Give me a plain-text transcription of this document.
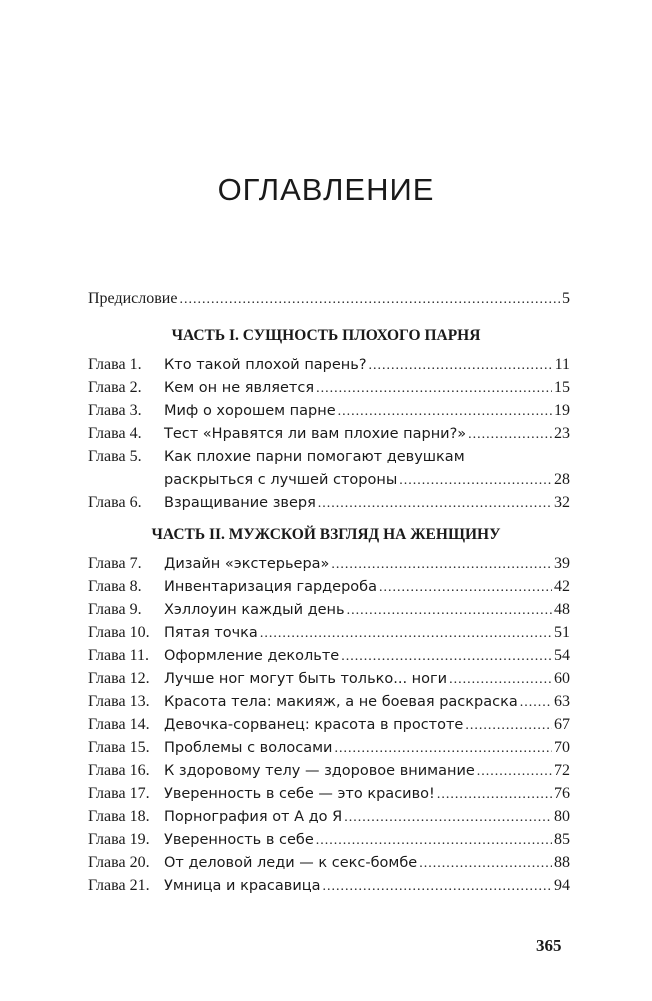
ОГЛАВЛЕНИЕ
Предисловие .....	5
ЧАСТЬ I. СУЩНОСТЬ ПЛОХОГО ПАРНЯ
Глава 1.	Кто такой плохой парень? .....	11
Глава 2.	Кем он не является .....	15
Глава 3.	Миф о хорошем парне .....	19
Глава 4.	Тест «Нравятся ли вам плохие парни?» .....	23
Глава 5.	Как плохие парни помогают девушкам
раскрыться с лучшей стороны .....	28
Глава 6.	Взращивание зверя .....	32
ЧАСТЬ II. МУЖСКОЙ ВЗГЛЯД НА ЖЕНЩИНУ
Глава 7.	Дизайн «экстерьера» .....	39
Глава 8.	Инвентаризация гардероба .....	42
Глава 9.	Хэллоуин каждый день .....	48
Глава 10. Пятая точка .....	51
Глава 11.	Оформление декольте .....	54
Глава 12. Лучше ног могут быть только... ноги .....	60
Глава 13. Красота тела: макияж, а не боевая раскраска ..... 63
Глава 14. Девочка-сорванец: красота в простоте .....	67
Глава 15. Проблемы с волосами .....	70
Глава 16. К здоровому телу — здоровое внимание .....	72
Глава 17. Уверенность в себе — это красиво! .....	76
Глава 18. Порнография от А до Я .....	80
Глава 19. Уверенность в себе .....	85
Глава 20. От деловой леди — к секс-бомбе .....	88
Глава 21. Умница и красавица .....	94
365
